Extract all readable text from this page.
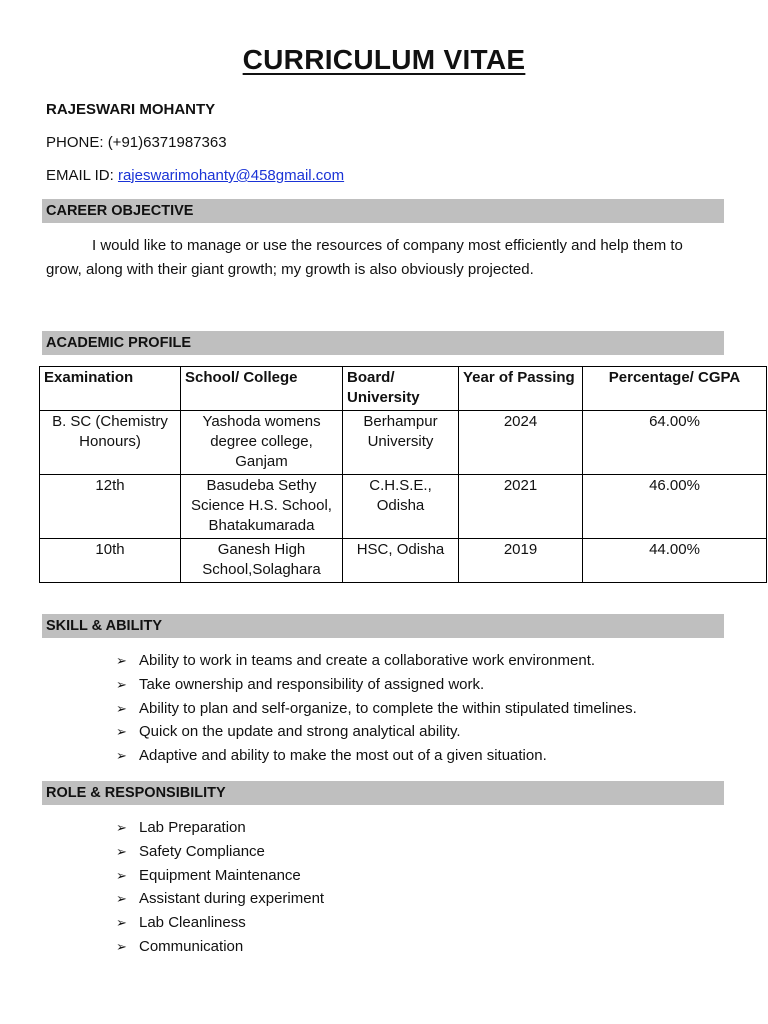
CURRICULUM VITAE
RAJESWARI MOHANTY
PHONE: (+91)6371987363
EMAIL ID: rajeswarimohanty@458gmail.com
CAREER OBJECTIVE
I would like to manage or use the resources of company most efficiently and help them to grow, along with their giant growth; my growth is also obviously projected.
ACADEMIC PROFILE
Examination	School/ College	Board/ University	Year of Passing	Percentage/ CGPA
B. SC (Chemistry Honours)	Yashoda womens degree college, Ganjam	Berhampur University	2024	64.00%
12th	Basudeba Sethy Science H.S. School, Bhatakumarada	C.H.S.E., Odisha	2021	46.00%
10th	Ganesh High School,Solaghara	HSC, Odisha	2019	44.00%
SKILL & ABILITY
➢ Ability to work in teams and create a collaborative work environment.
➢ Take ownership and responsibility of assigned work.
➢ Ability to plan and self-organize, to complete the within stipulated timelines.
➢ Quick on the update and strong analytical ability.
➢ Adaptive and ability to make the most out of a given situation.
ROLE & RESPONSIBILITY
➢ Lab Preparation
➢ Safety Compliance
➢ Equipment Maintenance
➢ Assistant during experiment
➢ Lab Cleanliness
➢ Communication
